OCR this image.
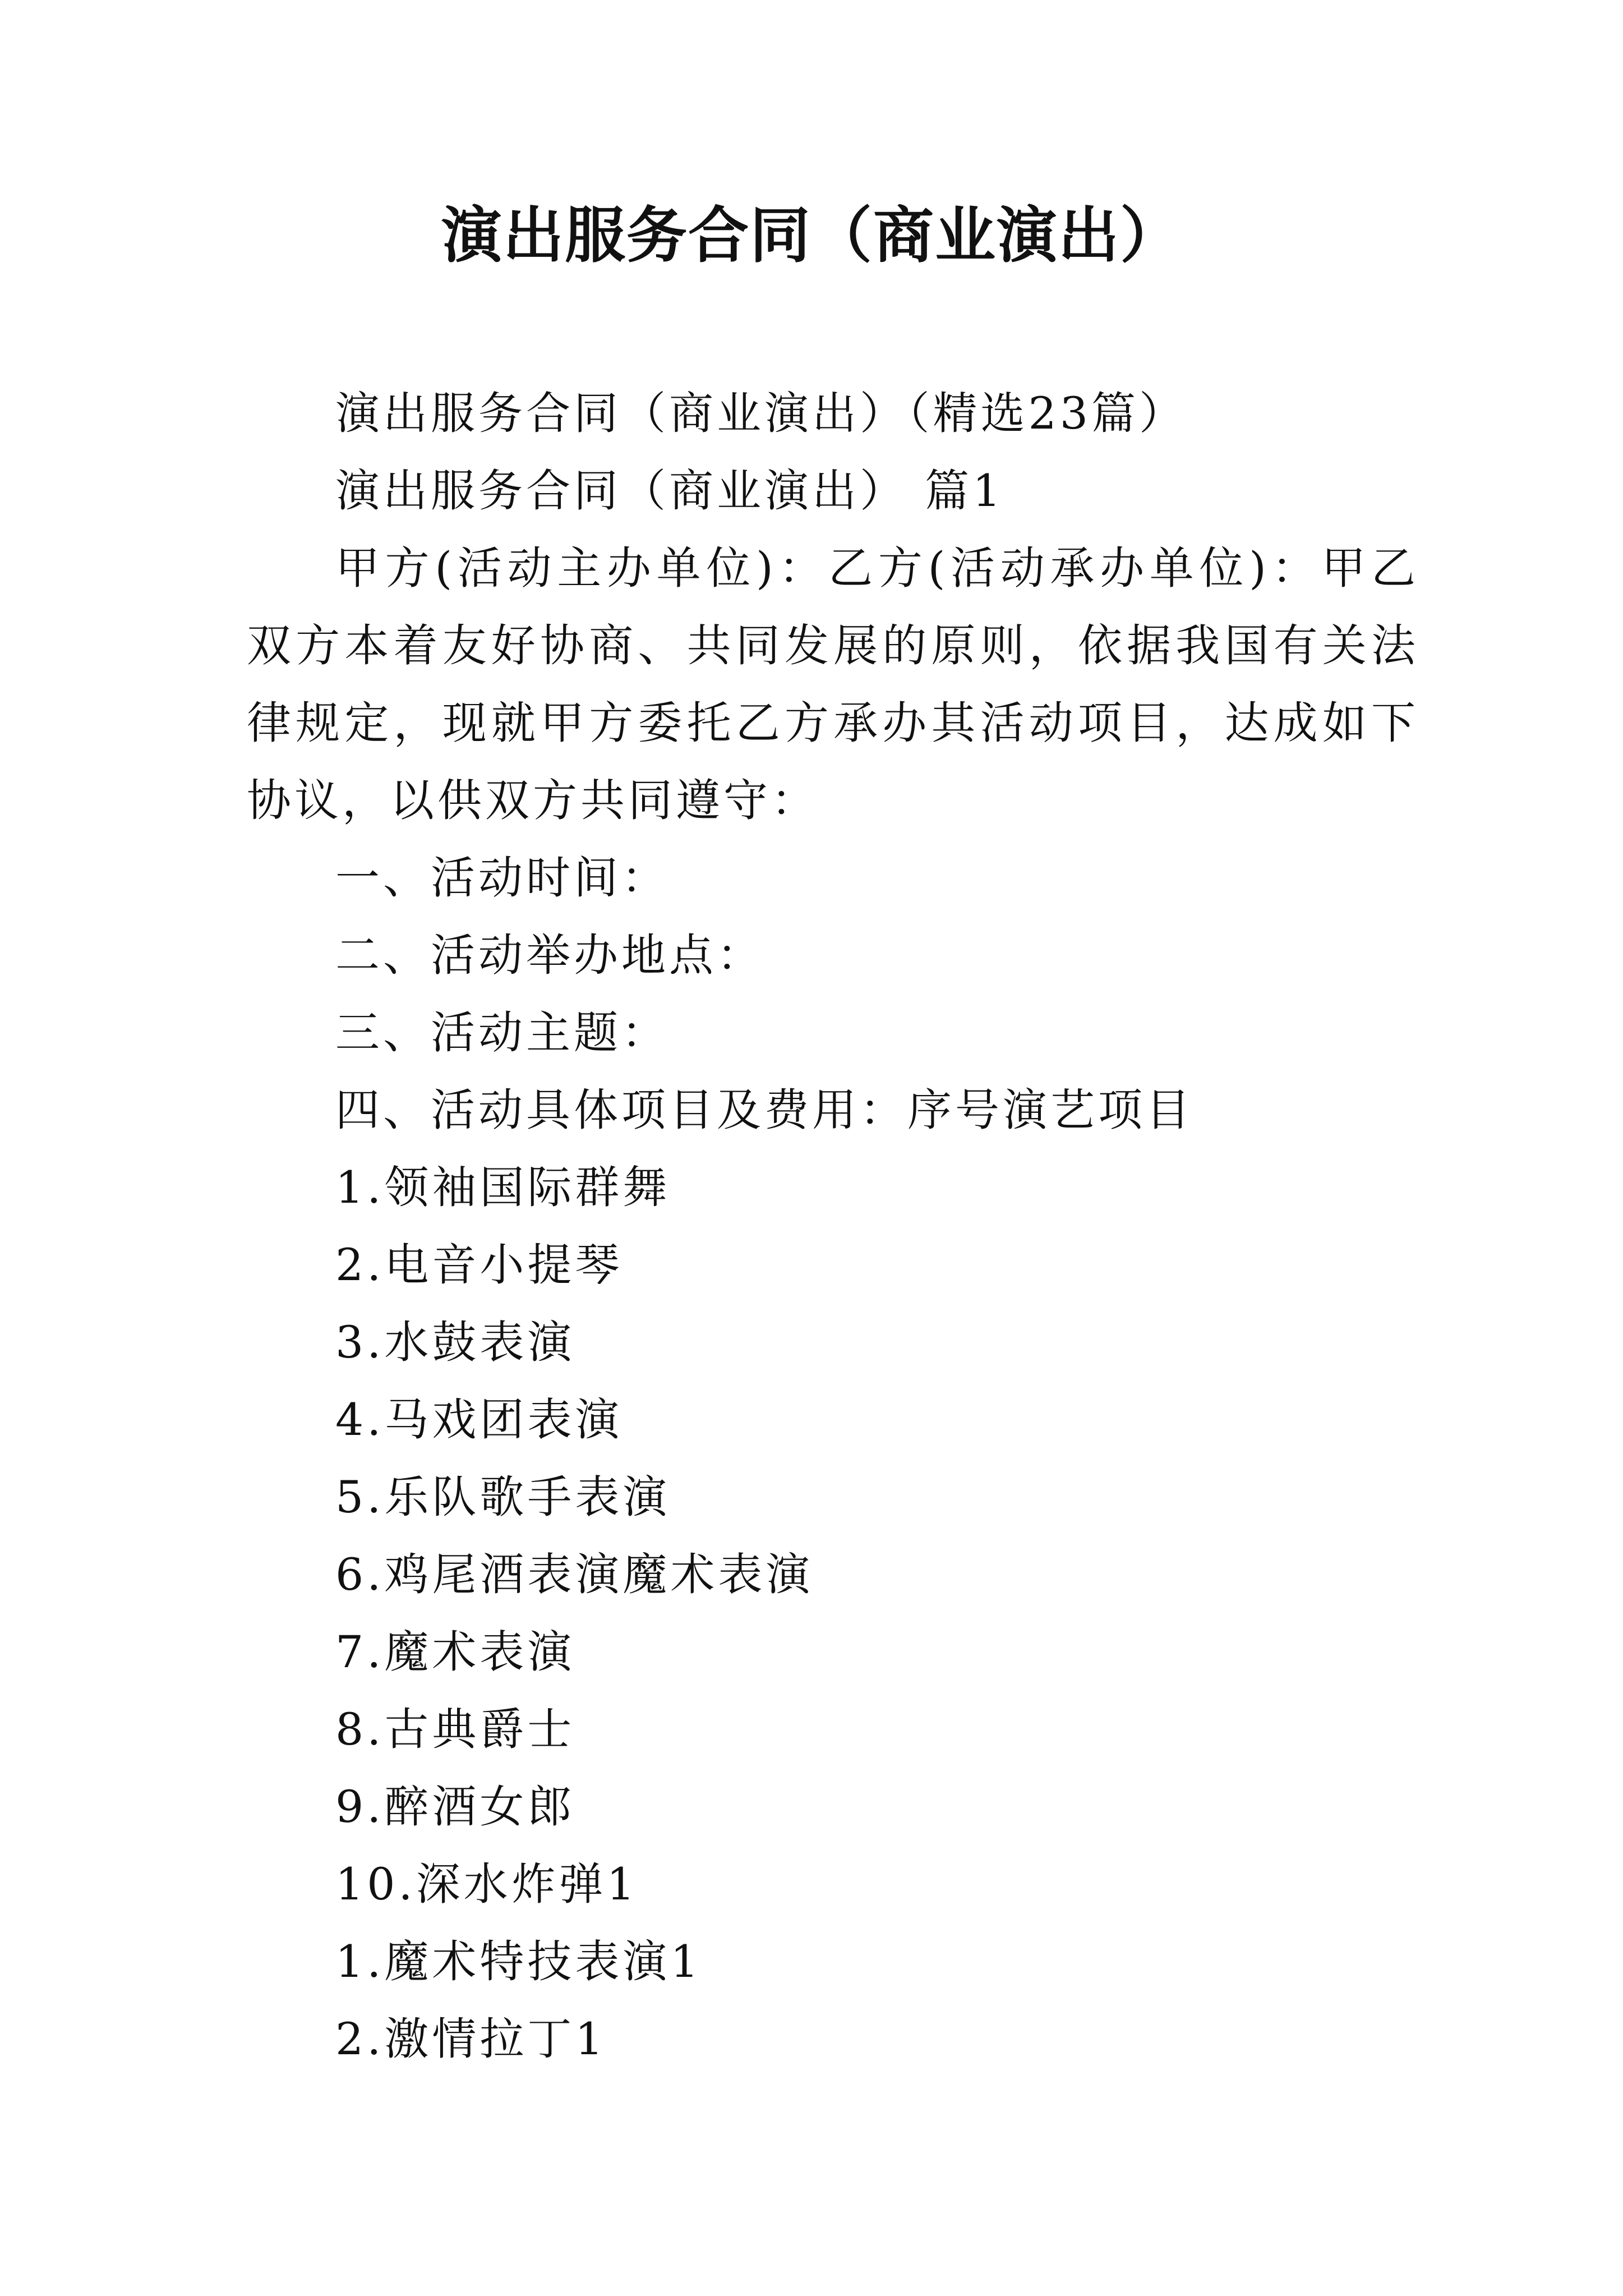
演出服务合同（商业演出）

演出服务合同（商业演出）（精选23篇）

演出服务合同（商业演出） 篇1

甲方(活动主办单位)：乙方(活动承办单位)：甲乙双方本着友好协商、共同发展的原则，依据我国有关法律规定，现就甲方委托乙方承办其活动项目，达成如下协议，以供双方共同遵守：

一、活动时间：

二、活动举办地点：

三、活动主题：

四、活动具体项目及费用：序号演艺项目

1.领袖国际群舞

2.电音小提琴

3.水鼓表演

4.马戏团表演

5.乐队歌手表演

6.鸡尾酒表演魔术表演

7.魔术表演

8.古典爵士

9.醉酒女郎

10.深水炸弹1

1.魔术特技表演1

2.激情拉丁1
